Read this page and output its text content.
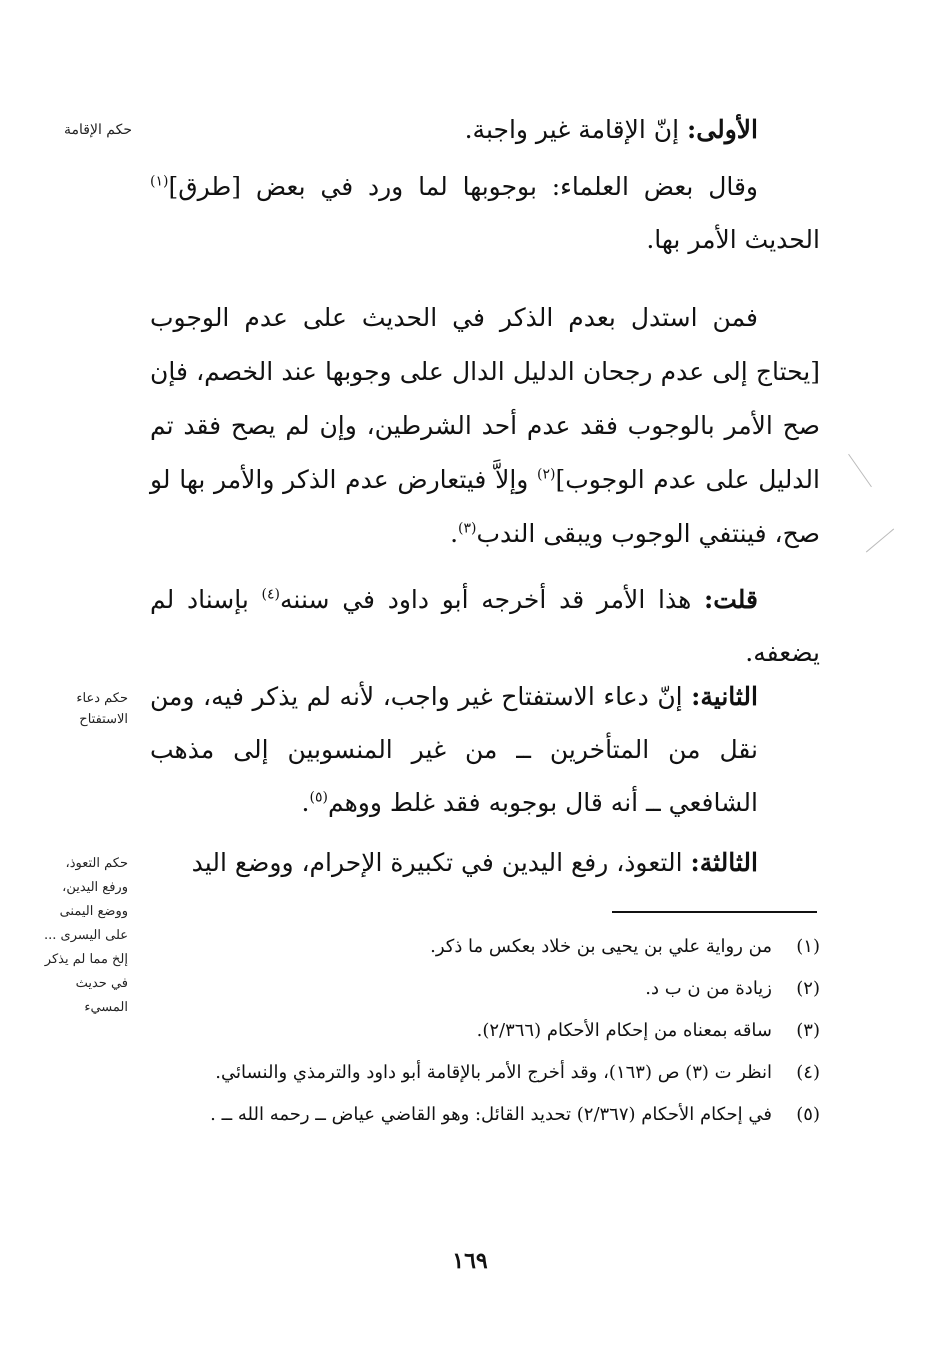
حكم الإقامة
حكم دعاء الاستفتاح
حكم التعوذ، ورفع اليدين، ووضع اليمنى على اليسرى ... إلخ مما لم يذكر في حديث المسيء
الأولى: إنّ الإقامة غير واجبة.
وقال بعض العلماء: بوجوبها لما ورد في بعض [طرق]$^{(١)}$ الحديث الأمر بها.
فمن استدل بعدم الذكر في الحديث على عدم الوجوب [يحتاج إلى عدم رجحان الدليل الدال على وجوبها عند الخصم، فإن صح الأمر بالوجوب فقد عدم أحد الشرطين، وإن لم يصح فقد تم الدليل على عدم الوجوب]$^{(٢)}$ وإلاَّ فيتعارض عدم الذكر والأمر بها لو صح، فينتفي الوجوب ويبقى الندب$^{(٣)}$.
قلت: هذا الأمر قد أخرجه أبو داود في سننه$^{(٤)}$ بإسناد لم يضعفه.
الثانية: إنّ دعاء الاستفتاح غير واجب، لأنه لم يذكر فيه، ومن نقل من المتأخرين ــ من غير المنسوبين إلى مذهب الشافعي ــ أنه قال بوجوبه فقد غلط ووهم$^{(٥)}$.
الثالثة: التعوذ، رفع اليدين في تكبيرة الإحرام، ووضع اليد
(١)
من رواية علي بن يحيى بن خلاد بعكس ما ذكر.
(٢)
زيادة من ن ب د.
(٣)
ساقه بمعناه من إحكام الأحكام (٢/٣٦٦).
(٤)
انظر ت (٣) ص (١٦٣)، وقد أخرج الأمر بالإقامة أبو داود والترمذي والنسائي.
(٥)
في إحكام الأحكام (٢/٣٦٧) تحديد القائل: وهو القاضي عياض ــ رحمه الله ــ .
١٦٩
